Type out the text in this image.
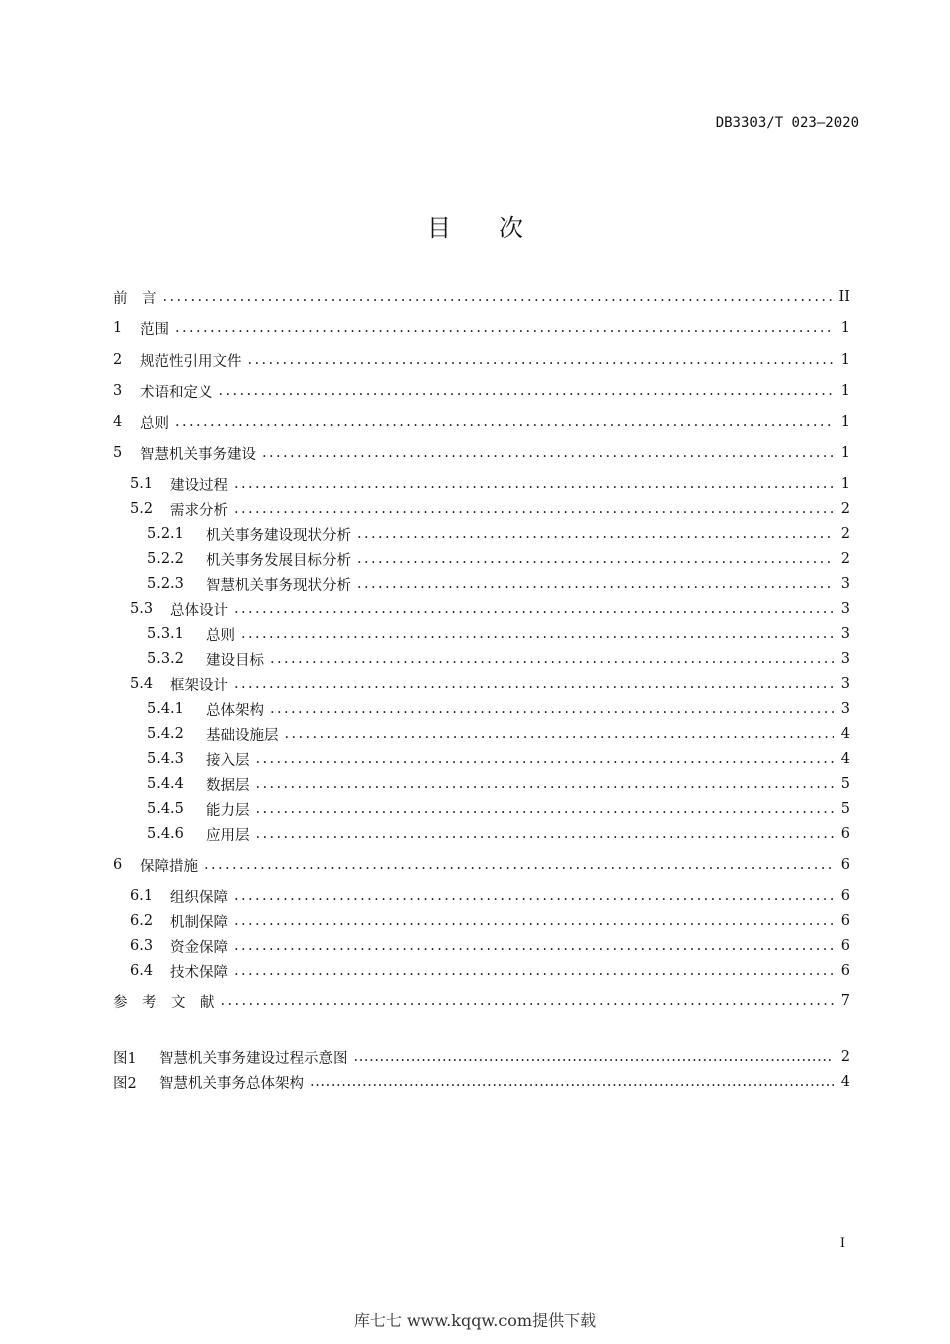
DB3303/T 023—2020
目次
前　言 .....	II
1	范围 .....	1
2	规范性引用文件 .....	1
3	术语和定义 .....	1
4	总则 .....	1
5	智慧机关事务建设 .....	1
5.1	建设过程 .....	1
5.2	需求分析 .....	2
5.2.1	机关事务建设现状分析 .....	2
5.2.2	机关事务发展目标分析 .....	2
5.2.3	智慧机关事务现状分析 .....	3
5.3	总体设计 .....	3
5.3.1	总则 .....	3
5.3.2	建设目标 .....	3
5.4	框架设计 .....	3
5.4.1	总体架构 .....	3
5.4.2	基础设施层 .....	4
5.4.3	接入层 .....	4
5.4.4	数据层 .....	5
5.4.5	能力层 .....	5
5.4.6	应用层 .....	6
6	保障措施 .....	6
6.1	组织保障 .....	6
6.2	机制保障 .....	6
6.3	资金保障 .....	6
6.4	技术保障 .....	6
参　考　文　献 .....	7
图1	智慧机关事务建设过程示意图 .....	2
图2	智慧机关事务总体架构 .....	4
I
库七七 www.kqqw.com提供下载
